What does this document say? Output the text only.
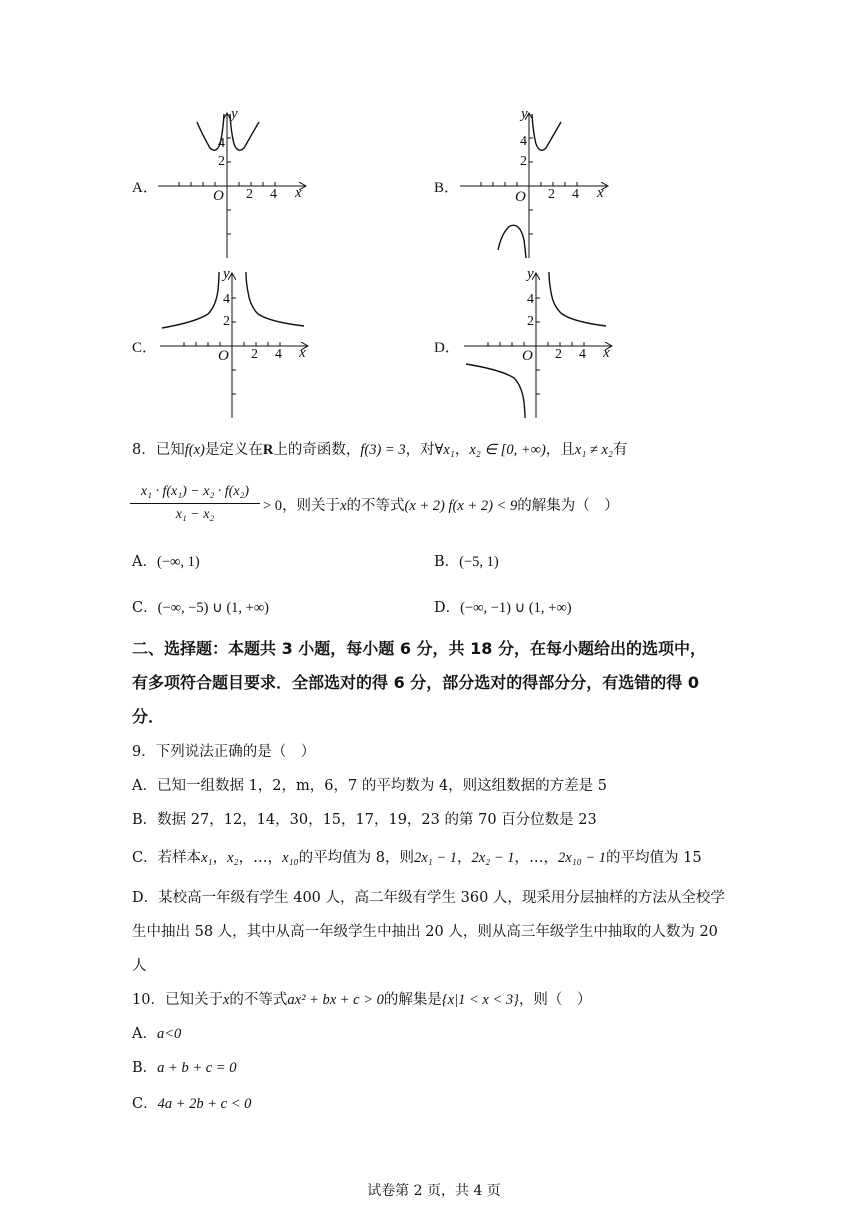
A．	B．
C．	D．
y
4
2
O 2 4 x
y
4
2
O 2 4 x
y
4
2
O 2 4 x
y
4
2
O 2 4 x
8．已知f(x)是定义在R上的奇函数，f(3) = 3，对∀x₁，x₂ ∈ [0, +∞)，且x₁ ≠ x₂有
x₁ · f(x₁) − x₂ · f(x₂)
x₁ − x₂
> 0，则关于x的不等式(x + 2) f(x + 2) < 9的解集为（　）
A．(−∞, 1)	B．(−5, 1)
C．(−∞, −5) ∪ (1, +∞)	D．(−∞, −1) ∪ (1, +∞)
二、选择题：本题共 3 小题，每小题 6 分，共 18 分，在每小题给出的选项中，
有多项符合题目要求．全部选对的得 6 分，部分选对的得部分分，有选错的得 0
分．
9．下列说法正确的是（　）
A．已知一组数据 1，2，m，6，7 的平均数为 4，则这组数据的方差是 5
B．数据 27，12，14，30，15，17，19，23 的第 70 百分位数是 23
C．若样本x₁，x₂，…，x₁₀的平均值为 8，则2x₁ − 1，2x₂ − 1，…，2x₁₀ − 1的平均值为 15
D．某校高一年级有学生 400 人，高二年级有学生 360 人，现采用分层抽样的方法从全校学
生中抽出 58 人，其中从高一年级学生中抽出 20 人，则从高三年级学生中抽取的人数为 20
人
10．已知关于x的不等式ax² + bx + c > 0的解集是{x|1 < x < 3}，则（　）
A．a<0
B．a + b + c = 0
C．4a + 2b + c < 0
试卷第 2 页，共 4 页
